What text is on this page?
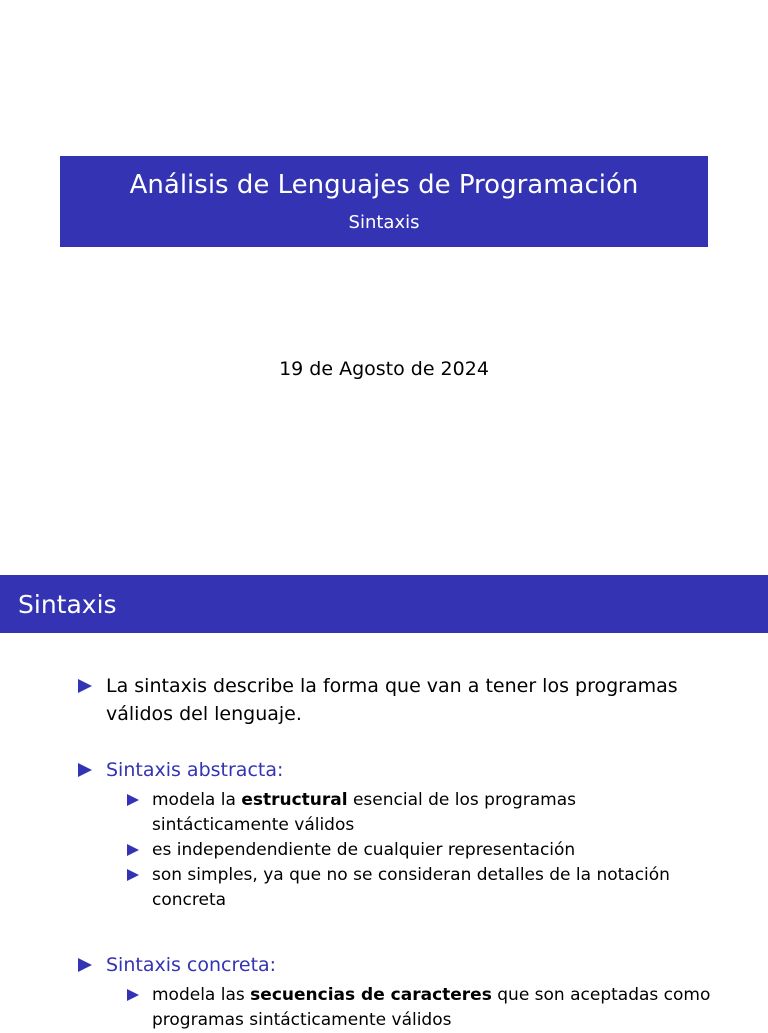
Análisis de Lenguajes de Programación
Sintaxis
19 de Agosto de 2024
Sintaxis
La sintaxis describe la forma que van a tener los programas
válidos del lenguaje.
Sintaxis abstracta:
modela la estructural esencial de los programas
sintácticamente válidos
es independendiente de cualquier representación
son simples, ya que no se consideran detalles de la notación
concreta
Sintaxis concreta:
modela las secuencias de caracteres que son aceptadas como
programas sintácticamente válidos
